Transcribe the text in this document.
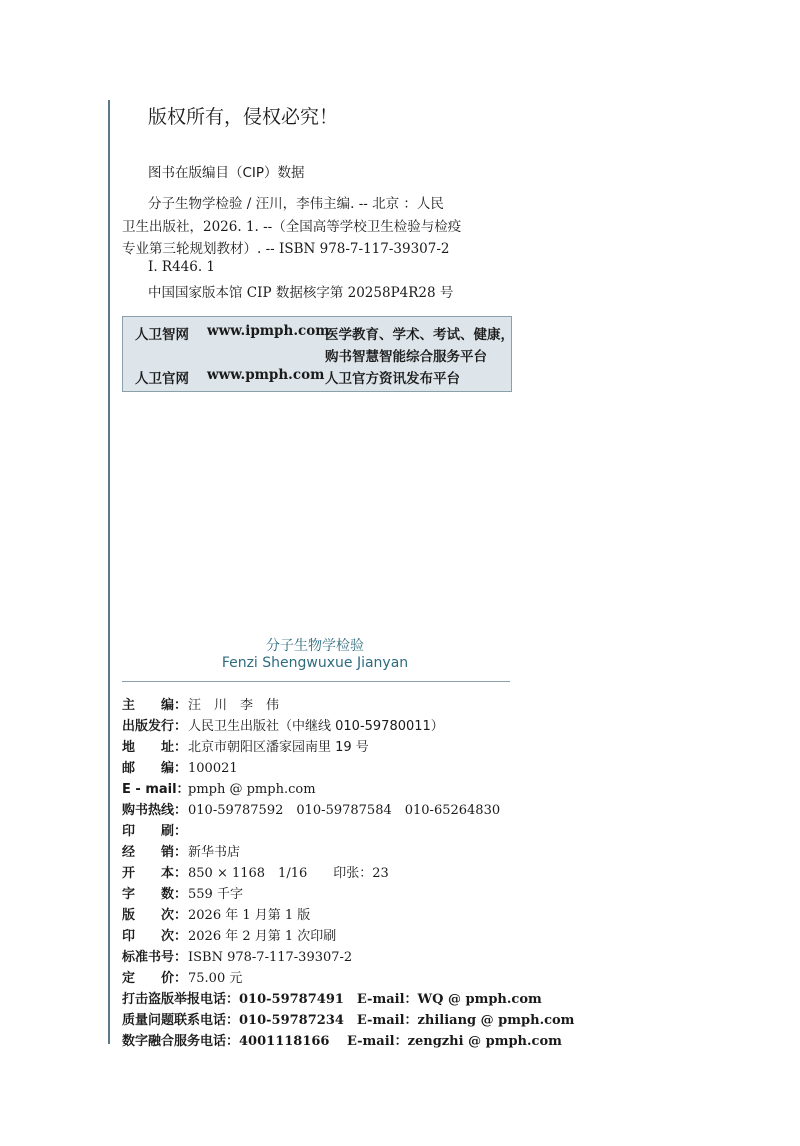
版权所有，侵权必究！
图书在版编目（CIP）数据
分子生物学检验 / 汪川，李伟主编. -- 北京 ：人民
卫生出版社，2026. 1. --（全国高等学校卫生检验与检疫
专业第三轮规划教材）. -- ISBN 978-7-117-39307-2
Ⅰ. R446. 1
中国国家版本馆 CIP 数据核字第 20258P4R28 号
人卫智网 www.ipmph.com
医学教育、学术、考试、健康，
购书智慧智能综合服务平台
人卫官网 www.pmph.com 人卫官方资讯发布平台
分子生物学检验
Fenzi Shengwuxue Jianyan
主　　编：汪　川　李　伟
出版发行：人民卫生出版社（中继线 010-59780011）
地　　址：北京市朝阳区潘家园南里 19 号
邮　　编：100021
E - mail：pmph @ pmph.com
购书热线：010-59787592　010-59787584　010-65264830
印　　刷：
经　　销：新华书店
开　　本：850 × 1168　1/16　　印张：23
字　　数：559 千字
版　　次：2026 年 1 月第 1 版
印　　次：2026 年 2 月第 1 次印刷
标准书号：ISBN 978-7-117-39307-2
定　　价：75.00 元
打击盗版举报电话：010-59787491　E-mail：WQ @ pmph.com
质量问题联系电话：010-59787234　E-mail：zhiliang @ pmph.com
数字融合服务电话：4001118166　 E-mail：zengzhi @ pmph.com
